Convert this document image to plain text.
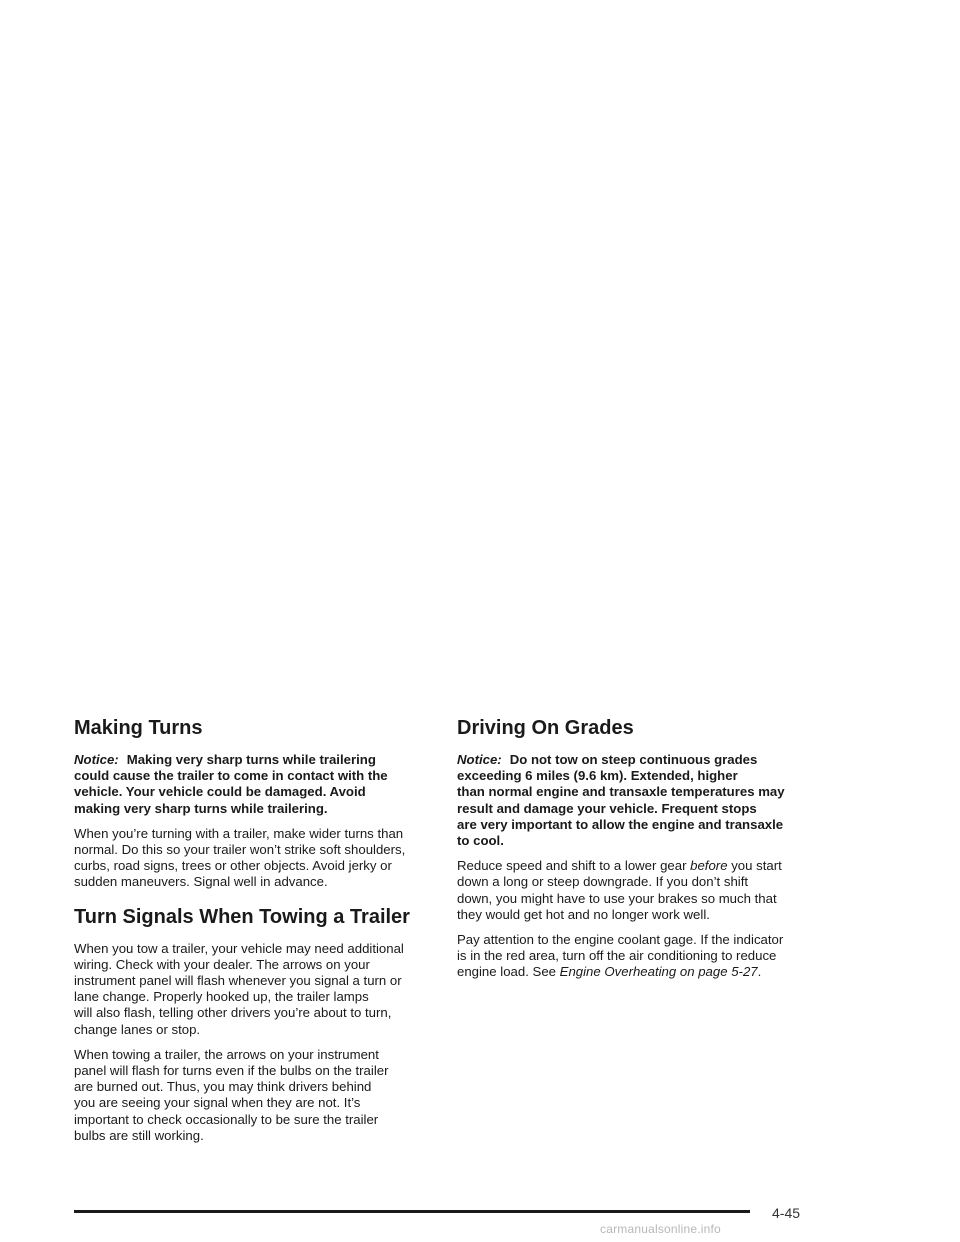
Making Turns

Notice: Making very sharp turns while trailering
could cause the trailer to come in contact with the
vehicle. Your vehicle could be damaged. Avoid
making very sharp turns while trailering.

When you’re turning with a trailer, make wider turns than
normal. Do this so your trailer won’t strike soft shoulders,
curbs, road signs, trees or other objects. Avoid jerky or
sudden maneuvers. Signal well in advance.

Turn Signals When Towing a Trailer

When you tow a trailer, your vehicle may need additional
wiring. Check with your dealer. The arrows on your
instrument panel will flash whenever you signal a turn or
lane change. Properly hooked up, the trailer lamps
will also flash, telling other drivers you’re about to turn,
change lanes or stop.

When towing a trailer, the arrows on your instrument
panel will flash for turns even if the bulbs on the trailer
are burned out. Thus, you may think drivers behind
you are seeing your signal when they are not. It’s
important to check occasionally to be sure the trailer
bulbs are still working.

Driving On Grades

Notice: Do not tow on steep continuous grades
exceeding 6 miles (9.6 km). Extended, higher
than normal engine and transaxle temperatures may
result and damage your vehicle. Frequent stops
are very important to allow the engine and transaxle
to cool.

Reduce speed and shift to a lower gear before you start
down a long or steep downgrade. If you don’t shift
down, you might have to use your brakes so much that
they would get hot and no longer work well.

Pay attention to the engine coolant gage. If the indicator
is in the red area, turn off the air conditioning to reduce
engine load. See Engine Overheating on page 5-27.

4-45
carmanualsonline.info
